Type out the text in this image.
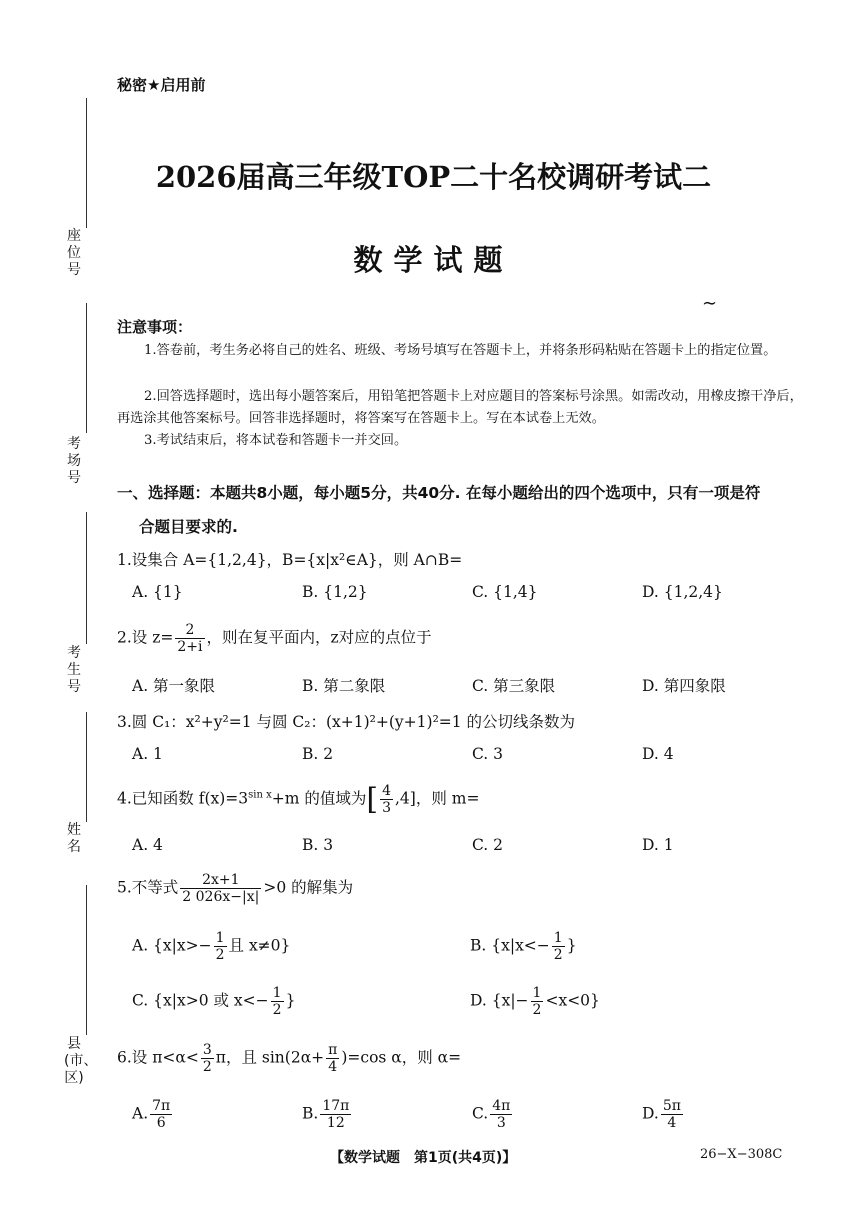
座位号
考场号
考生号
姓名
县(市、区)
秘密★启用前
2026届高三年级TOP二十名校调研考试二
数学试题
∼
注意事项：
1.答卷前，考生务必将自己的姓名、班级、考场号填写在答题卡上，并将条形码粘贴在答题卡上的指定位置。
2.回答选择题时，选出每小题答案后，用铅笔把答题卡上对应题目的答案标号涂黑。如需改动，用橡皮擦干净后，再选涂其他答案标号。回答非选择题时，将答案写在答题卡上。写在本试卷上无效。
3.考试结束后，将本试卷和答题卡一并交回。
一、选择题：本题共8小题，每小题5分，共40分. 在每小题给出的四个选项中，只有一项是符
合题目要求的.
1.设集合 A={1,2,4}，B={x|x²∈A}，则 A∩B=
A. {1}	B. {1,2}	C. {1,4}	D. {1,2,4}
2.设 $z= \frac{2}{2+i}$ ，则在复平面内，z对应的点位于
A. 第一象限	B. 第二象限	C. 第三象限	D. 第四象限
3.圆 C₁：x²+y²=1 与圆 C₂：(x+1)²+(y+1)²=1 的公切线条数为
A. 1	B. 2	C. 3	D. 4
4.已知函数 $f(x)=3^{sin x}+m$ 的值域为[ $\frac{4}{3} ,4$]，则 m=
A. 4	B. 3	C. 2	D. 1
5.不等式 $\frac{2x+1}{2 026x-|x|} >0$ 的解集为
A. {$x|x>- \frac{1}{2}$ 且 x≠0}	B. {$x|x<- \frac{1}{2}$ }
C. {x|x>0 或 $x<- \frac{1}{2}$ }	D. $\{x|- \frac{1}{2} <x<0\}$
6.设 $\pi<\alpha< \frac{3}{2}$ π，且 $\sin(2\alpha+ \frac{\pi}{4} )=\cos$ α，则 α=
A. $\frac{7\pi}{6}$	B. $\frac{17\pi}{12}$	C. $\frac{4\pi}{3}$	D. $\frac{5\pi}{4}$
【数学试题　第1页(共4页)】	26−X−308C
